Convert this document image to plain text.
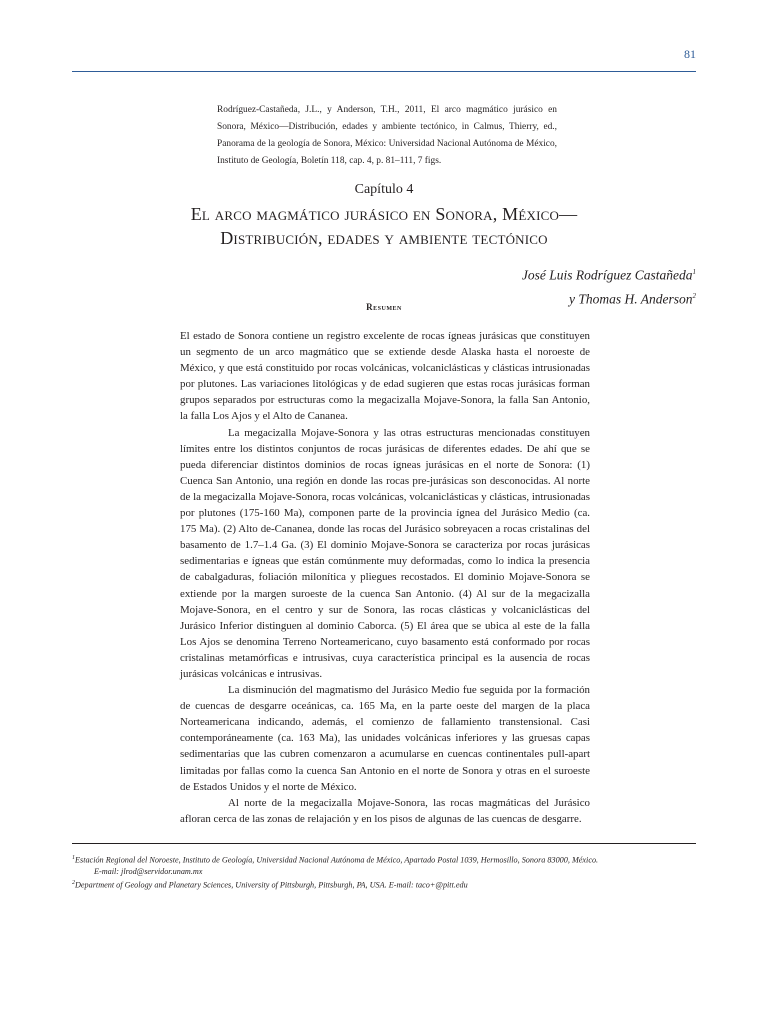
81

Rodríguez-Castañeda, J.L., y Anderson, T.H., 2011, El arco magmático jurásico en Sonora, México—Distribución, edades y ambiente tectónico, in Calmus, Thierry, ed., Panorama de la geología de Sonora, México: Universidad Nacional Autónoma de México, Instituto de Geología, Boletín 118, cap. 4, p. 81–111, 7 figs.

Capítulo 4
El arco magmático jurásico en Sonora, México—
Distribución, edades y ambiente tectónico
José Luis Rodríguez Castañeda$^1$
y Thomas H. Anderson$^2$
Resumen

El estado de Sonora contiene un registro excelente de rocas ígneas jurásicas que constituyen un segmento de un arco magmático que se extiende desde Alaska hasta el noroeste de México, y que está constituido por rocas volcánicas, volcaniclásticas y clásticas intrusionadas por plutones. Las variaciones litológicas y de edad sugieren que estas rocas jurásicas forman grupos separados por estructuras como la megacizalla Mojave-Sonora, la falla San Antonio, la falla Los Ajos y el Alto de Cananea.

La megacizalla Mojave-Sonora y las otras estructuras mencionadas constituyen límites entre los distintos conjuntos de rocas jurásicas de diferentes edades. De ahí que se pueda diferenciar distintos dominios de rocas ígneas jurásicas en el norte de Sonora: (1) Cuenca San Antonio, una región en donde las rocas pre-jurásicas son desconocidas. Al norte de la megacizalla Mojave-Sonora, rocas volcánicas, volcaniclásticas y clásticas, intrusionadas por plutones (175-160 Ma), componen parte de la provincia ígnea del Jurásico Medio (ca. 175 Ma). (2) Alto de-Cananea, donde las rocas del Jurásico sobreyacen a rocas cristalinas del basamento de 1.7–1.4 Ga. (3) El dominio Mojave-Sonora se caracteriza por rocas jurásicas sedimentarias e ígneas que están comúnmente muy deformadas, como lo indica la presencia de cabalgaduras, foliación milonítica y pliegues recostados. El dominio Mojave-Sonora se extiende por la margen suroeste de la cuenca San Antonio. (4) Al sur de la megacizalla Mojave-Sonora, en el centro y sur de Sonora, las rocas clásticas y volcaniclásticas del Jurásico Inferior distinguen al dominio Caborca. (5) El área que se ubica al este de la falla Los Ajos se denomina Terreno Norteamericano, cuyo basamento está conformado por rocas cristalinas metamórficas e intrusivas, cuya característica principal es la ausencia de rocas jurásicas volcánicas e intrusivas.

La disminución del magmatismo del Jurásico Medio fue seguida por la formación de cuencas de desgarre oceánicas, ca. 165 Ma, en la parte oeste del margen de la placa Norteamericana indicando, además, el comienzo de fallamiento transtensional. Casi contemporáneamente (ca. 163 Ma), las unidades volcánicas inferiores y las gruesas capas sedimentarias que las cubren comenzaron a acumularse en cuencas continentales pull-apart limitadas por fallas como la cuenca San Antonio en el norte de Sonora y otras en el suroeste de Estados Unidos y el norte de México.

Al norte de la megacizalla Mojave-Sonora, las rocas magmáticas del Jurásico afloran cerca de las zonas de relajación y en los pisos de algunas de las cuencas de desgarre.

$^1$Estación Regional del Noroeste, Instituto de Geología, Universidad Nacional Autónoma de México, Apartado Postal 1039, Hermosillo, Sonora 83000, México.

E-mail: jlrod@servidor.unam.mx

$^2$Department of Geology and Planetary Sciences, University of Pittsburgh, Pittsburgh, PA, USA. E-mail: taco+@pitt.edu
